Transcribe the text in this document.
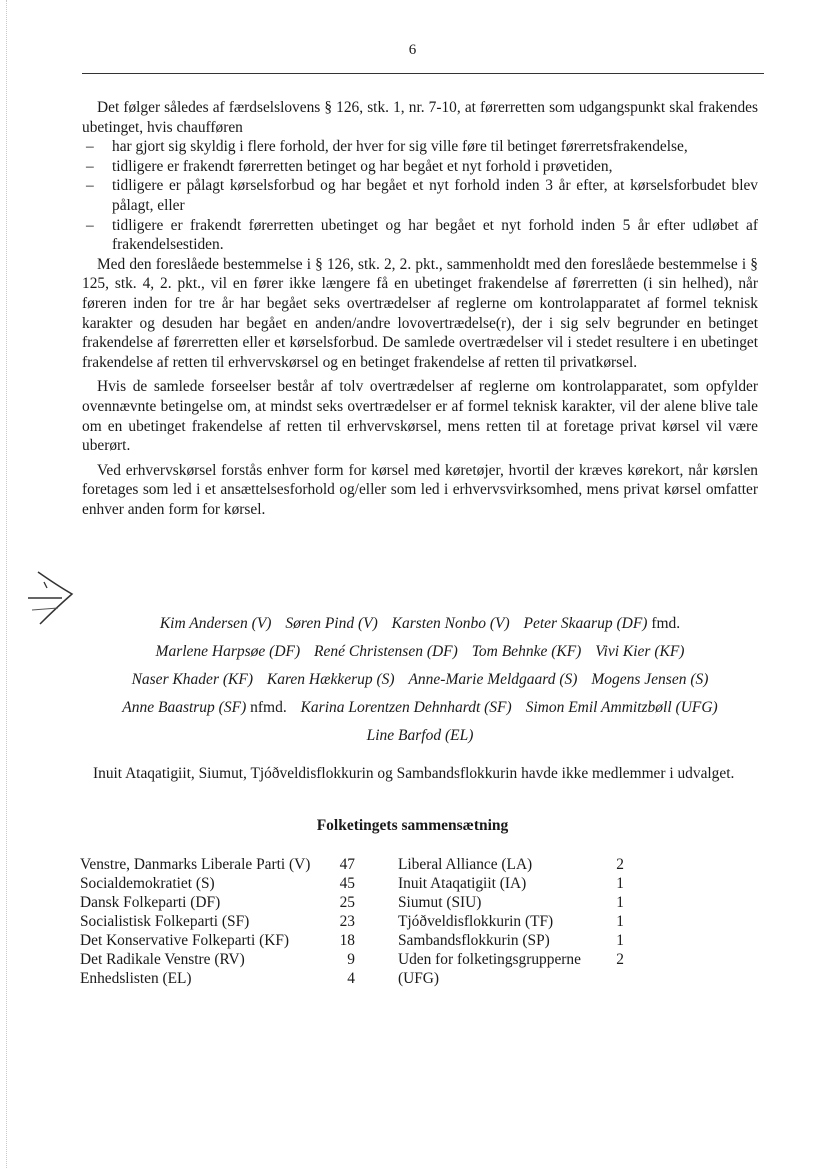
6

Det følger således af færdselslovens § 126, stk. 1, nr. 7-10, at førerretten som udgangspunkt skal frakendes ubetinget, hvis chaufføren

– har gjort sig skyldig i flere forhold, der hver for sig ville føre til betinget førerretsfrakendelse,
– tidligere er frakendt førerretten betinget og har begået et nyt forhold i prøvetiden,
– tidligere er pålagt kørselsforbud og har begået et nyt forhold inden 3 år efter, at kørselsforbudet blev pålagt, eller
– tidligere er frakendt førerretten ubetinget og har begået et nyt forhold inden 5 år efter udløbet af frakendelsestiden.

Med den foreslåede bestemmelse i § 126, stk. 2, 2. pkt., sammenholdt med den foreslåede bestemmelse i § 125, stk. 4, 2. pkt., vil en fører ikke længere få en ubetinget frakendelse af førerretten (i sin helhed), når føreren inden for tre år har begået seks overtrædelser af reglerne om kontrolapparatet af formel teknisk karakter og desuden har begået en anden/andre lovovertrædelse(r), der i sig selv begrunder en betinget frakendelse af førerretten eller et kørselsforbud. De samlede overtrædelser vil i stedet resultere i en ubetinget frakendelse af retten til erhvervskørsel og en betinget frakendelse af retten til privatkørsel.

Hvis de samlede forseelser består af tolv overtrædelser af reglerne om kontrolapparatet, som opfylder ovennævnte betingelse om, at mindst seks overtrædelser er af formel teknisk karakter, vil der alene blive tale om en ubetinget frakendelse af retten til erhvervskørsel, mens retten til at foretage privat kørsel vil være uberørt.

Ved erhvervskørsel forstås enhver form for kørsel med køretøjer, hvortil der kræves kørekort, når kørslen foretages som led i et ansættelsesforhold og/eller som led i erhvervsvirksomhed, mens privat kørsel omfatter enhver anden form for kørsel.

Kim Andersen (V) Søren Pind (V) Karsten Nonbo (V) Peter Skaarup (DF) fmd.
Marlene Harpsøe (DF) René Christensen (DF) Tom Behnke (KF) Vivi Kier (KF)
Naser Khader (KF) Karen Hækkerup (S) Anne-Marie Meldgaard (S) Mogens Jensen (S)
Anne Baastrup (SF) nfmd. Karina Lorentzen Dehnhardt (SF) Simon Emil Ammitzbøll (UFG)
Line Barfod (EL)

Inuit Ataqatigiit, Siumut, Tjóðveldisflokkurin og Sambandsflokkurin havde ikke medlemmer i udvalget.

Folketingets sammensætning
Venstre, Danmarks Liberale Parti (V) 47
Socialdemokratiet (S)	45
Dansk Folkeparti (DF)	25
Socialistisk Folkeparti (SF)	23
Det Konservative Folkeparti (KF)	18
Det Radikale Venstre (RV)	9
Enhedslisten (EL)	4
Liberal Alliance (LA)	2
Inuit Ataqatigiit (IA)	1
Siumut (SIU)	1
Tjóðveldisflokkurin (TF)	1
Sambandsflokkurin (SP)	1
Uden for folketingsgrupperne	2
(UFG)
